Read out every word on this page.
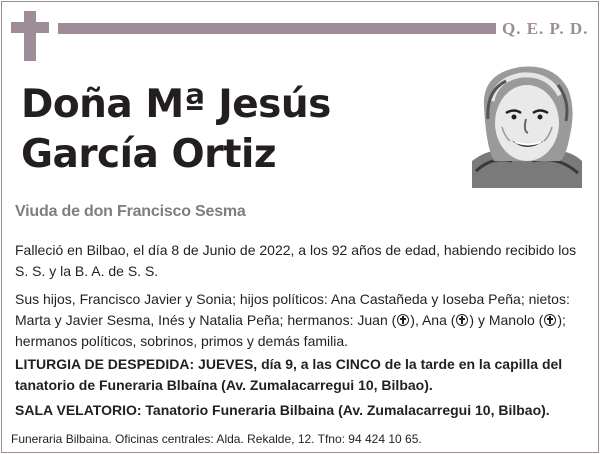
Q. E. P. D.
Doña Mª Jesús
García Ortiz
Viuda de don Francisco Sesma
Falleció en Bilbao, el día 8 de Junio de 2022, a los 92 años de edad, habiendo recibido los S. S. y la B. A. de S. S.
Sus hijos, Francisco Javier y Sonia; hijos políticos: Ana Castañeda y Ioseba Peña; nietos: Marta y Javier Sesma, Inés y Natalia Peña; hermanos: Juan ( ), Ana ( ) y Manolo ( ); hermanos políticos, sobrinos, primos y demás familia.
LITURGIA DE DESPEDIDA: JUEVES, día 9, a las CINCO de la tarde en la capilla del tanatorio de Funeraria Blbaína (Av. Zumalacarregui 10, Bilbao).
SALA VELATORIO: Tanatorio Funeraria Bilbaina (Av. Zumalacarregui 10, Bilbao).
Funeraria Bilbaina. Oficinas centrales: Alda. Rekalde, 12. Tfno: 94 424 10 65.
